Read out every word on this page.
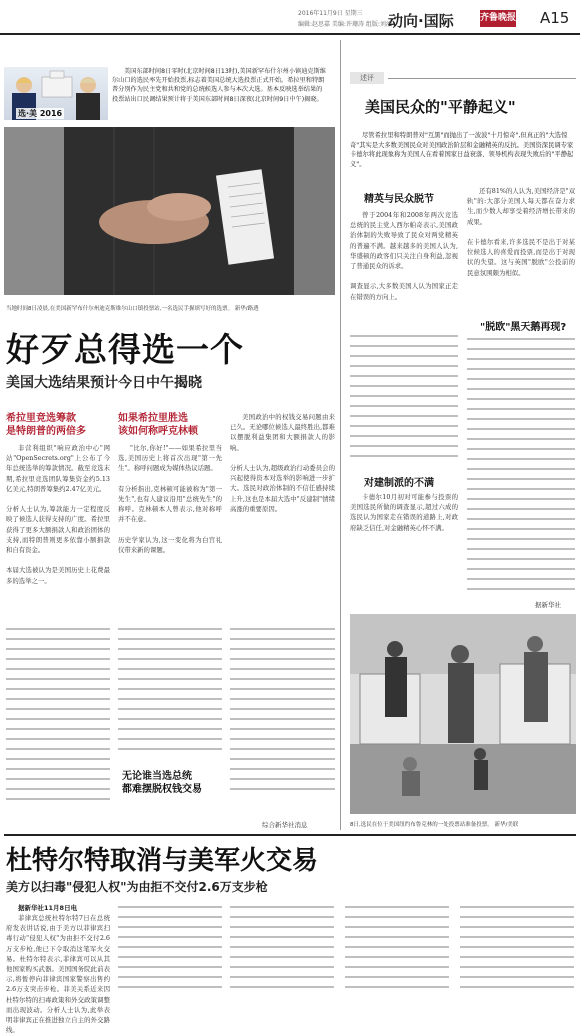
2016年11月9日 星期三
编辑:赵思嘉 美编:许珊涛 组版:刘洒
动向·国际	齐鲁晚报 A15
选·美 2016
美国东部时间8日零时(北京时间8日13时),美国新罕布什尔州小镇迪克斯维尔山口的选民率先开始投票,标志着美国总统大选投票正式开始。希拉里和特朗普分别作为民主党和共和党的总统候选人参与本次大选。基本反映选举结果的投票站出口民调结果预计将于美国东部时间8日深夜(北京时间9日中午)揭晓。
当地时间8日凌晨,在美国新罕布什尔州迪克斯维尔山口镇投票站,一名选民手握填写好的选票。 新华/路透
好歹总得选一个
美国大选结果预计今日中午揭晓
希拉里竞选筹款
是特朗普的两倍多
非营利组织"响应政治中心"网站"OpenSecrets.org"上公布了今年总统选举的筹款情况。截至竞选末期,希拉里竞选团队筹集资金约5.13亿美元,特朗普筹集约2.47亿美元。

分析人士认为,筹款能力一定程度反映了候选人获得支持的广度。希拉里获得了更多大额捐款人和政治团体的支持,而特朗普则更多依靠小额捐款和自有资金。

本届大选被认为是美国历史上花费最多的选举之一。
如果希拉里胜选
该如何称呼克林顿
"比尔,你好!"——如果希拉里当选,美国历史上将首次出现"第一先生"。称呼问题成为媒体热议话题。

有分析指出,克林顿可能被称为"第一先生",也有人建议沿用"总统先生"的称呼。克林顿本人曾表示,他对称呼并不在意。

历史学家认为,这一变化将为白宫礼仪带来新的课题。
无论谁当选总统
都难摆脱权钱交易
美国政治中的权钱交易问题由来已久。无论哪位候选人最终胜出,都难以摆脱利益集团和大额捐款人的影响。

分析人士认为,超级政治行动委员会的兴起使得资本对选举的影响进一步扩大。选民对政治体制的不信任感持续上升,这也是本届大选中"反建制"情绪高涨的重要原因。
综合新华社消息
述评
美国民众的"平静起义"
尽管希拉里和特朗普对"互黑"而抛出了一波波"十月惊奇",但真正的"大选惊奇"其实是大多数美国民众对美国政治阶层和金融精英的反抗。美国资深民调专家卡德尔将此现象称为美国人在看着国家日益衰落、领导机构表现失败后的"平静起义"。
精英与民众脱节
曾于2004年和2008年两次竞选总统的民主党人西尔帕奇表示,美国政治体制的失败导致了民众对两党精英的普遍不满。越来越多的美国人认为,华盛顿的政客们只关注自身利益,忽视了普通民众的诉求。

调查显示,大多数美国人认为国家正走在错误的方向上。
对建制派的不满
卡德尔10月初对可能参与投票的美国选民所做的调查显示,超过六成的选民认为国家走在错误的道路上,对政府缺乏信任,对金融精英心怀不满。
还有81%的人认为,美国经济是"双轨"的:大部分美国人每天都在奋力求生,而少数人却享受着经济增长带来的成果。

在卡德尔看来,许多选民不是出于对某位候选人的喜爱而投票,而是出于对现状的失望。这与英国"脱欧"公投前的民意氛围颇为相似。
"脱欧"黑天鹅再现?
据新华社
8日,选民在位于美国纽约布鲁克林的一处投票站准备投票。 新华/美联
杜特尔特取消与美军火交易
美方以扫毒"侵犯人权"为由拒不交付2.6万支步枪
据新华社11月8日电
菲律宾总统杜特尔特7日在总统府发表讲话说,由于美方以菲律宾扫毒行动"侵犯人权"为由拒不交付2.6万支步枪,他已下令取消这笔军火交易。杜特尔特表示,菲律宾可以从其他国家购买武器。美国国务院此前表示,将暂停向菲律宾国家警察出售约2.6万支突击步枪。菲美关系近来因杜特尔特的扫毒政策和外交政策调整而出现波动。分析人士认为,此举表明菲律宾正在推进独立自主的外交路线。
